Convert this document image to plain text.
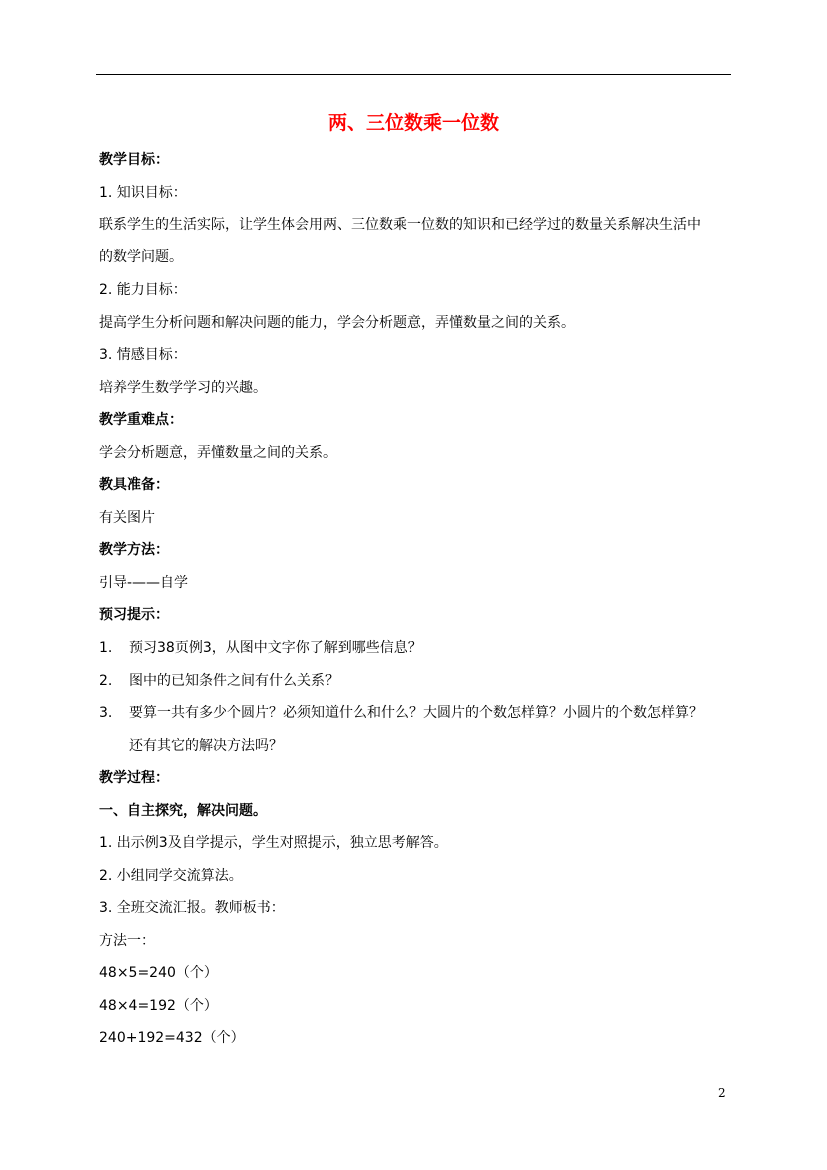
两、三位数乘一位数
教学目标：
1. 知识目标：
联系学生的生活实际，让学生体会用两、三位数乘一位数的知识和已经学过的数量关系解决生活中
的数学问题。
2. 能力目标：
提高学生分析问题和解决问题的能力，学会分析题意，弄懂数量之间的关系。
3. 情感目标：
培养学生数学学习的兴趣。
教学重难点：
学会分析题意，弄懂数量之间的关系。
教具准备：
有关图片
教学方法：
引导-——自学
预习提示：
1. 预习38页例3，从图中文字你了解到哪些信息？
2. 图中的已知条件之间有什么关系？
3. 要算一共有多少个圆片？必须知道什么和什么？大圆片的个数怎样算？小圆片的个数怎样算？
还有其它的解决方法吗？
教学过程：
一、自主探究，解决问题。
1. 出示例3及自学提示，学生对照提示，独立思考解答。
2. 小组同学交流算法。
3. 全班交流汇报。教师板书：
方法一：
48×5=240（个）
48×4=192（个）
240+192=432（个）
2
